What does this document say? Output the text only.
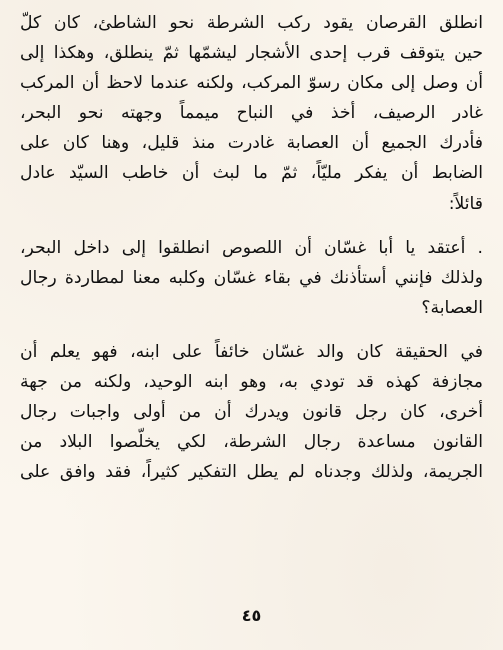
انطلق القرصان يقود ركب الشرطة نحو الشاطئ، كان كلّ
حين يتوقف قرب إحدى الأشجار ليشمّها ثمّ ينطلق، وهكذا إلى
أن وصل إلى مكان رسوّ المركب، ولكنه عندما لاحظ أن المركب
غادر الرصيف، أخذ في النباح ميمماً وجهته نحو البحر،
فأدرك الجميع أن العصابة غادرت منذ قليل، وهنا كان على
الضابط أن يفكر مليّاً، ثمّ ما لبث أن خاطب السيّد عادل
قائلاً:
. أعتقد يا أبا غسّان أن اللصوص انطلقوا إلى داخل البحر،
ولذلك فإنني أستأذنك في بقاء غسّان وكلبه معنا لمطاردة رجال
العصابة؟
في الحقيقة كان والد غسّان خائفاً على ابنه، فهو يعلم أن
مجازفة كهذه قد تودي به، وهو ابنه الوحيد، ولكنه من جهة
أخرى، كان رجل قانون ويدرك أن من أولى واجبات رجال
القانون مساعدة رجال الشرطة، لكي يخلّصوا البلاد من
الجريمة، ولذلك وجدناه لم يطل التفكير كثيراً، فقد وافق على
٤٥
